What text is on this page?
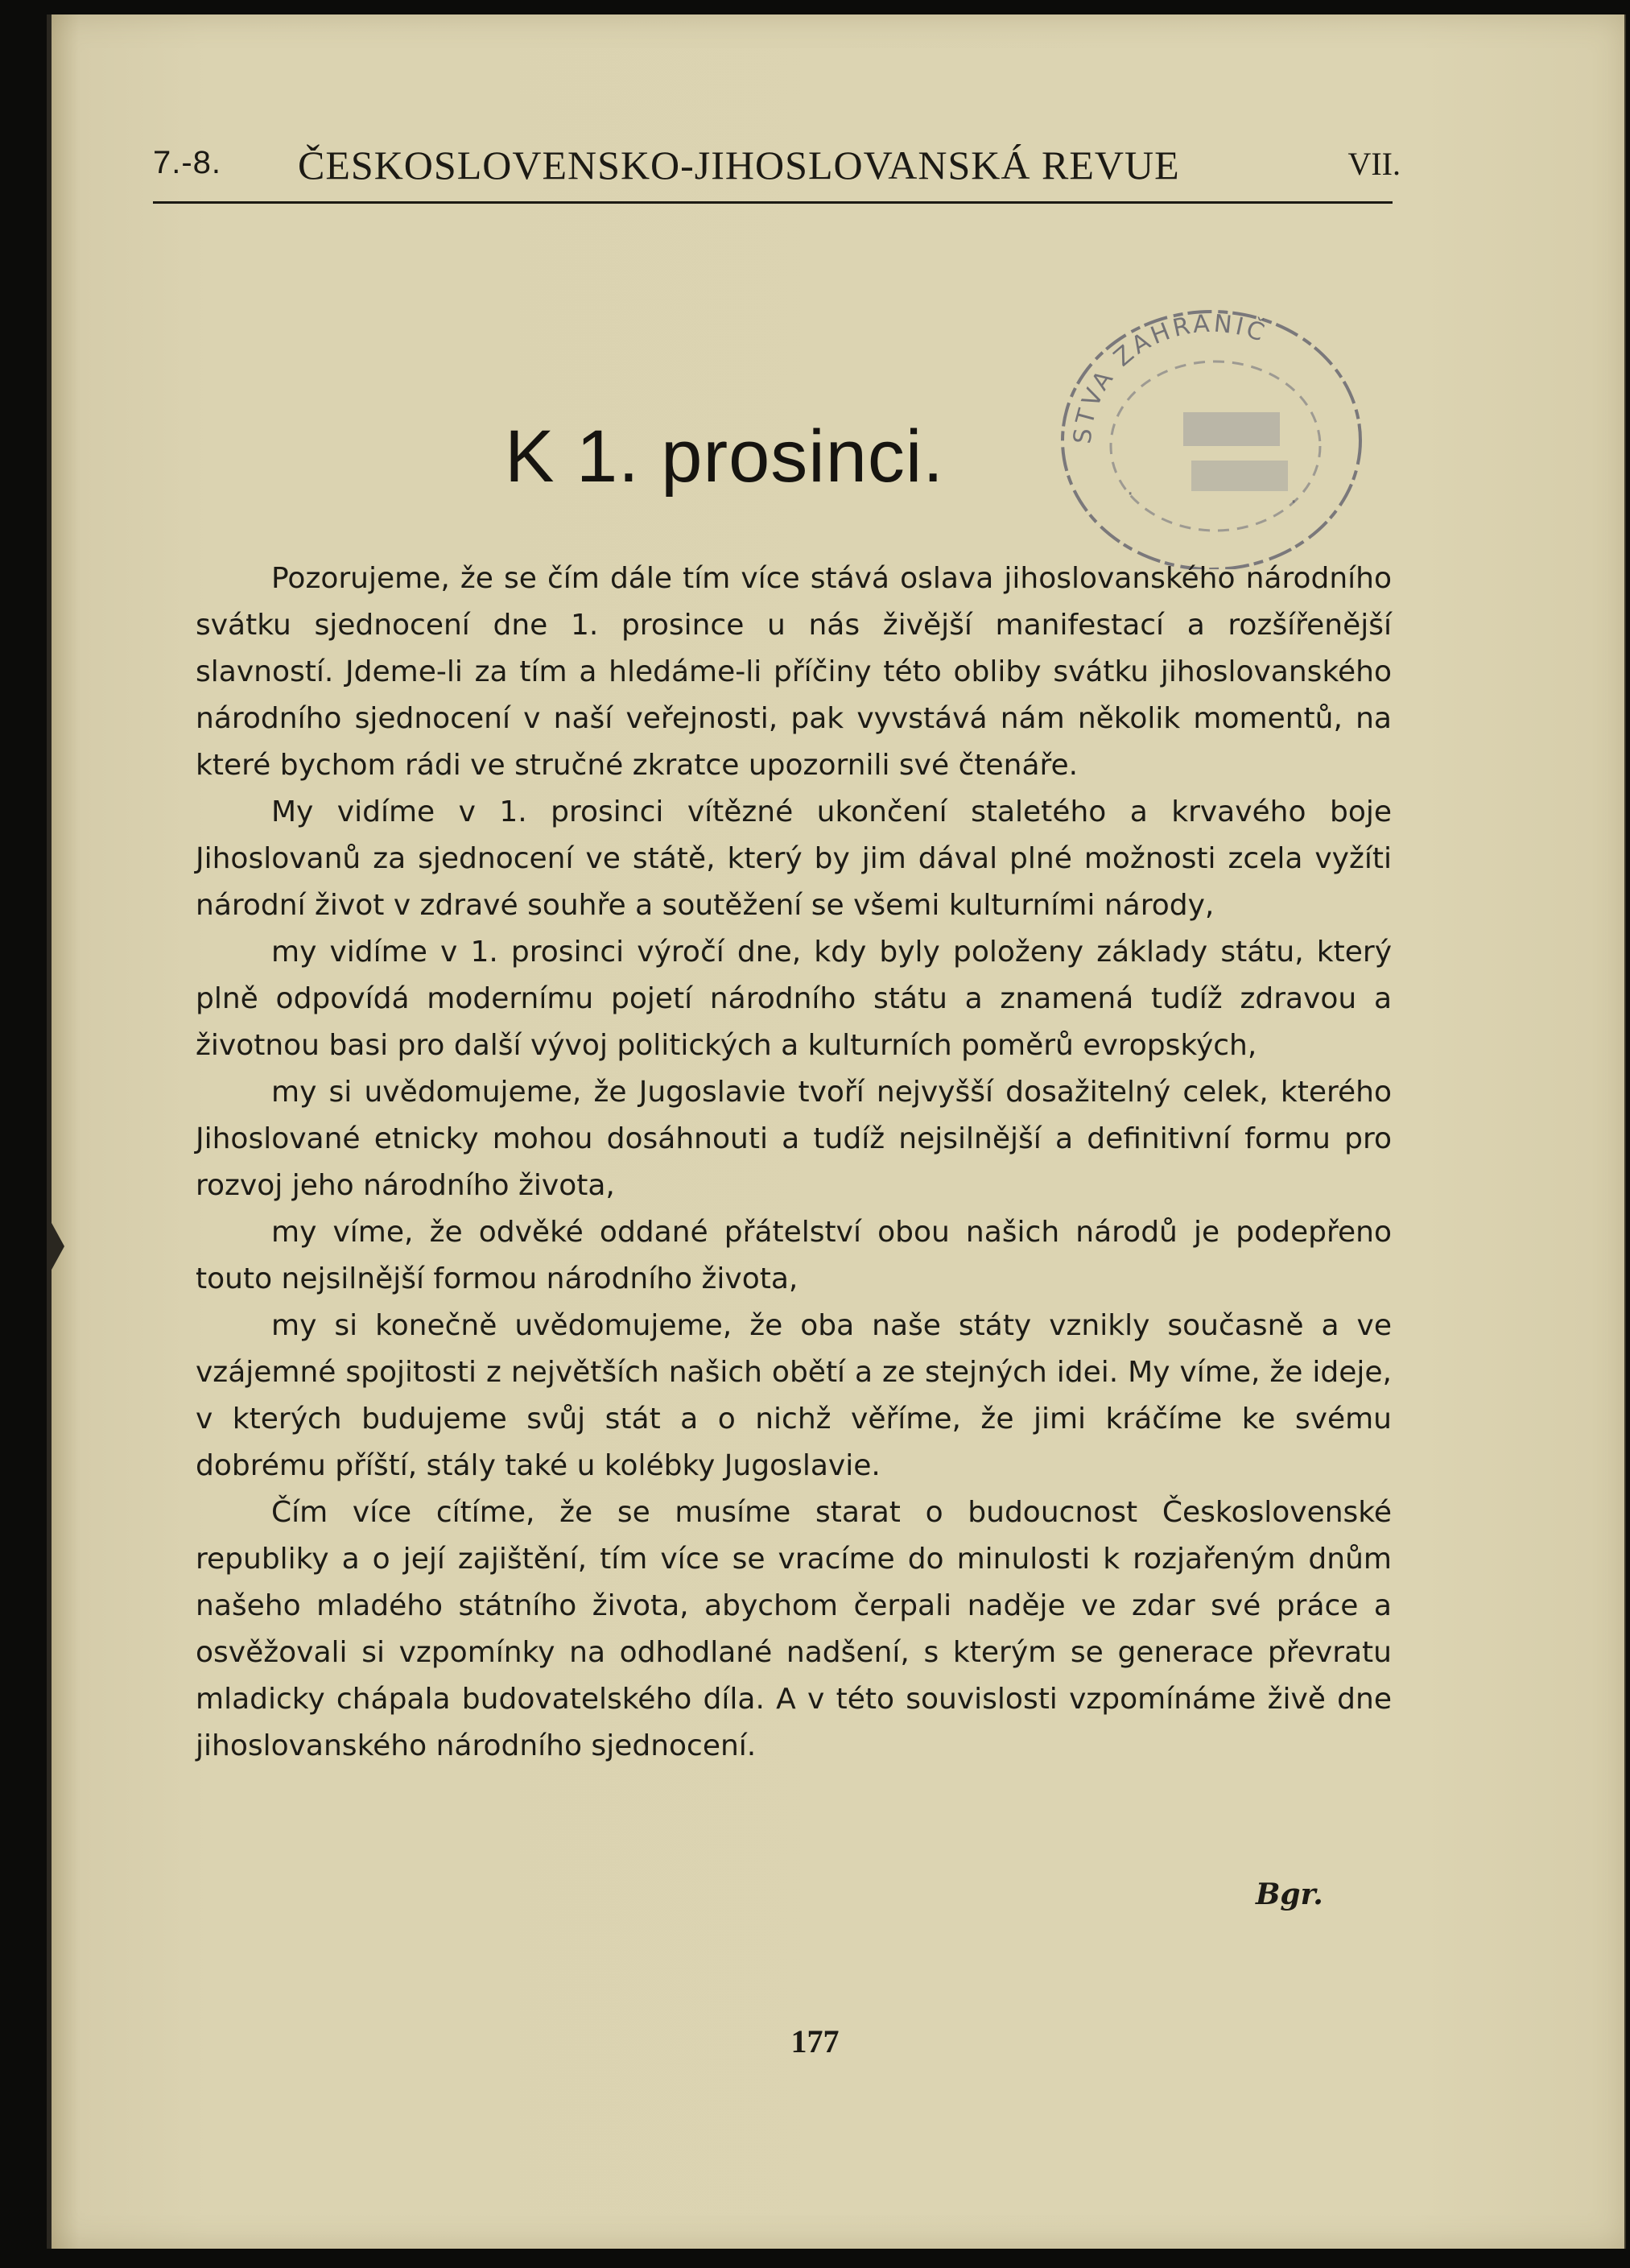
7.-8. ČESKOSLOVENSKO-JIHOSLOVANSKÁ REVUE	VII.
STVA ZAHRANIČ
·	·
K 1. prosinci.

Pozorujeme, že se čím dále tím více stává oslava jihoslovanského národního svátku sjednocení dne 1. prosince u nás živější manifestací a rozšířenější slavností. Jdeme-li za tím a hledáme-li příčiny této obliby svátku jihoslovanského národního sjednocení v naší veřejnosti, pak vyvstává nám několik momentů, na které bychom rádi ve stručné zkratce upozornili své čtenáře.

My vidíme v 1. prosinci vítězné ukončení staletého a krvavého boje Jihoslovanů za sjednocení ve státě, který by jim dával plné možnosti zcela vyžíti národní život v zdravé souhře a soutěžení se všemi kulturními národy,

my vidíme v 1. prosinci výročí dne, kdy byly položeny základy státu, který plně odpovídá modernímu pojetí národního státu a znamená tudíž zdravou a životnou basi pro další vývoj politických a kulturních poměrů evropských,

my si uvědomujeme, že Jugoslavie tvoří nejvyšší dosažitelný celek, kterého Jihoslované etnicky mohou dosáhnouti a tudíž nejsilnější a definitivní formu pro rozvoj jeho národního života,

my víme, že odvěké oddané přátelství obou našich národů je podepřeno touto nejsilnější formou národního života,

my si konečně uvědomujeme, že oba naše státy vznikly současně a ve vzájemné spojitosti z největších našich obětí a ze stejných idei. My víme, že ideje, v kterých budujeme svůj stát a o nichž věříme, že jimi kráčíme ke svému dobrému příští, stály také u kolébky Jugoslavie.

Čím více cítíme, že se musíme starat o budoucnost Československé republiky a o její zajištění, tím více se vracíme do minulosti k rozjařeným dnům našeho mladého státního života, abychom čerpali naděje ve zdar své práce a osvěžovali si vzpomínky na odhodlané nadšení, s kterým se generace převratu mladicky chápala budovatelského díla. A v této souvislosti vzpomínáme živě dne jihoslovanského národního sjednocení.

Bgr.
177
